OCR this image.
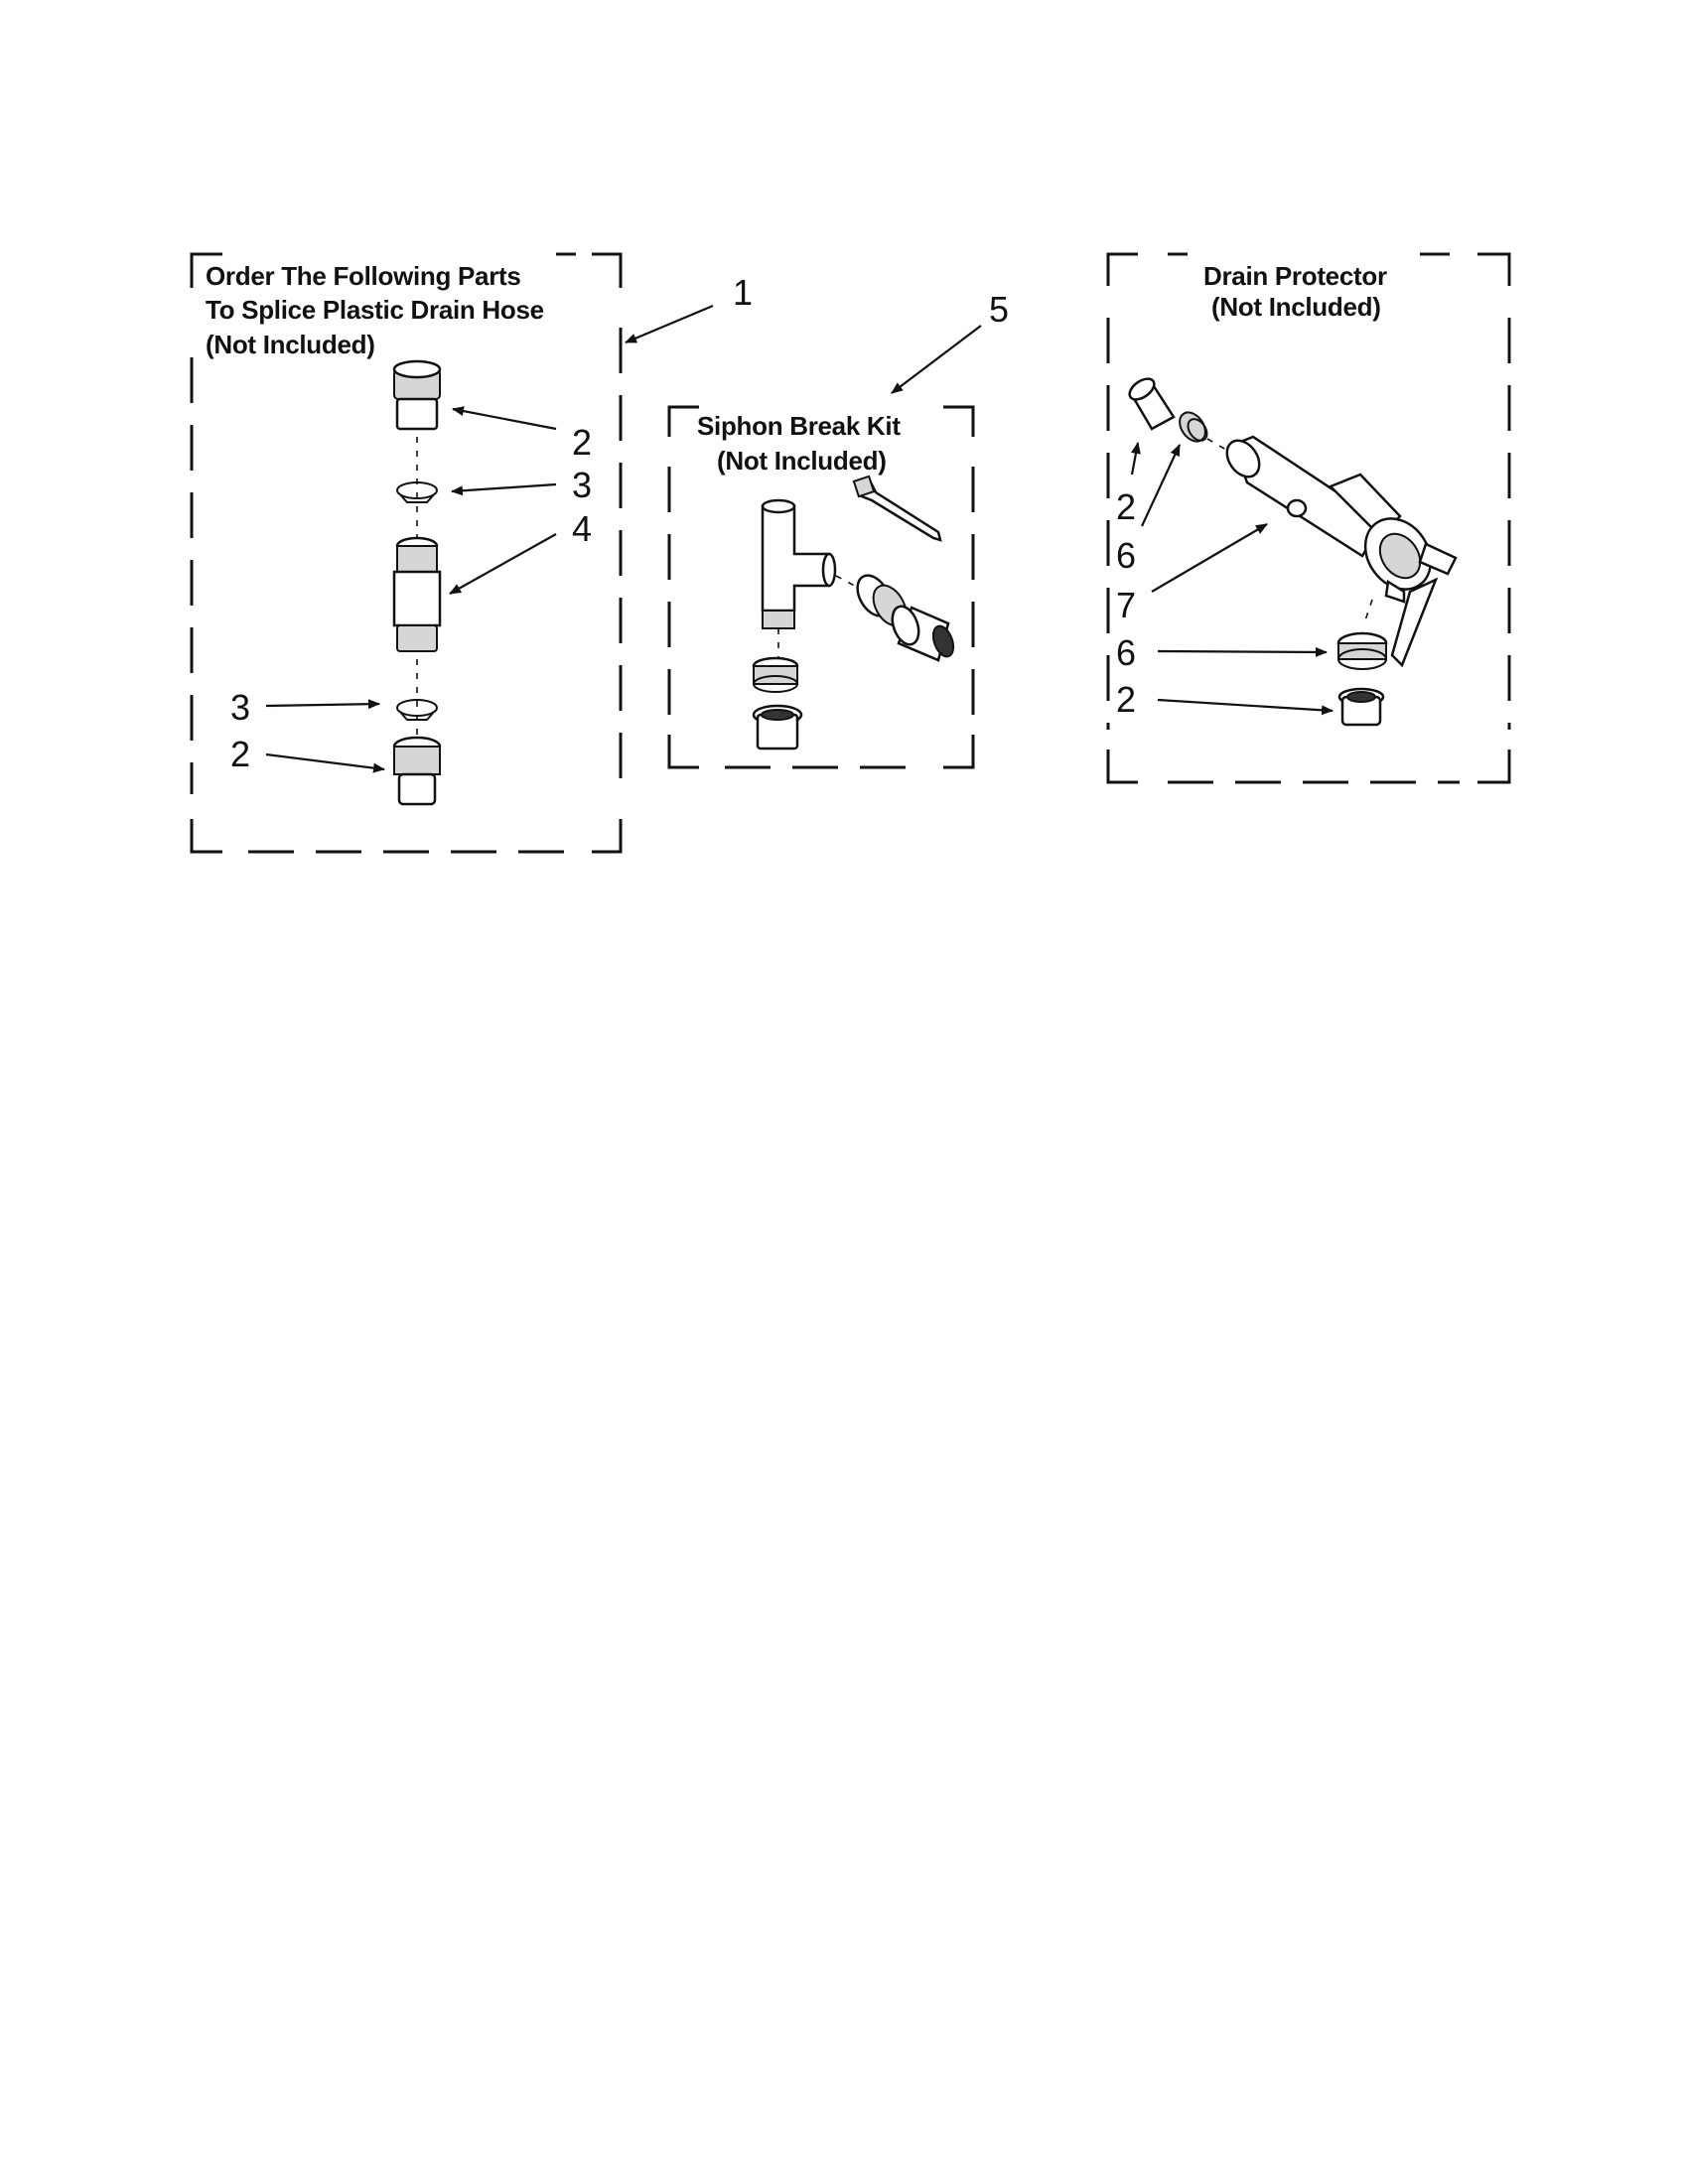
Order The Following Parts
To Splice Plastic Drain Hose
(Not Included)
1
2
3
4
3
2
Siphon Break Kit
(Not Included)
5
Drain Protector
(Not Included)
2
6
7
6
2
